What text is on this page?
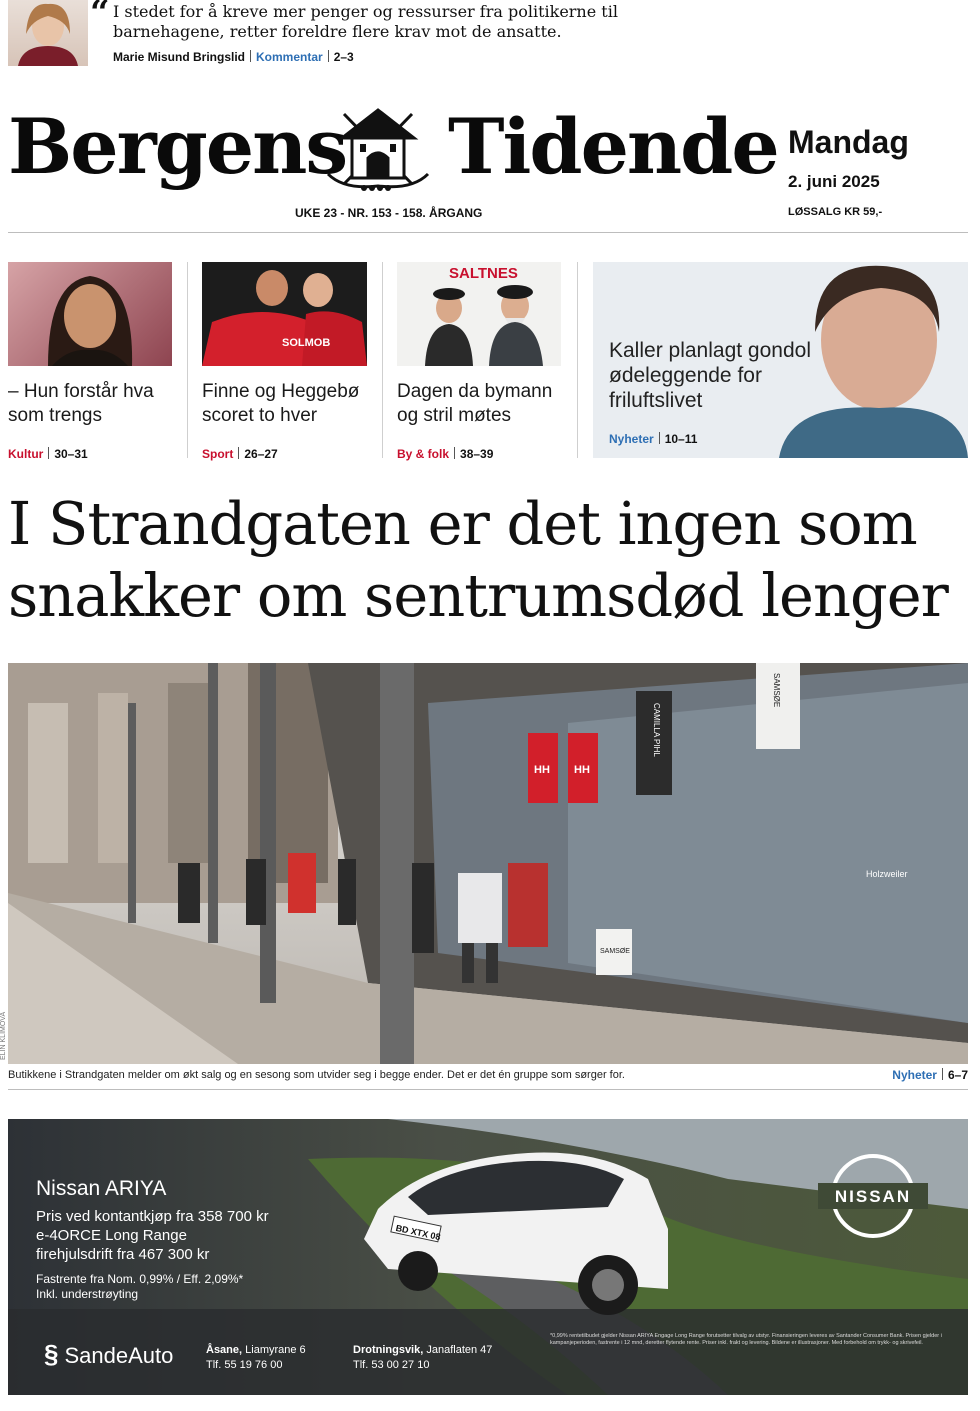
“ I stedet for å kreve mer penger og ressurser fra politikerne til barnehagene, retter foreldre flere krav mot de ansatte.
Marie Misund Bringslid Kommentar 2–3
Bergens Tidende
UKE 23 - NR. 153 - 158. ÅRGANG
Mandag
2. juni 2025
LØSSALG KR 59,-
– Hun forstår hva som trengs
Kultur 30–31
SOLMOB
Finne og Heggebø scoret to hver
Sport 26–27
SALTNES
Dagen da bymann og stril møtes
By & folk 38–39
Kaller planlagt gondol ødeleggende for friluftslivet
Nyheter 10–11
I Strandgaten er det ingen som snakker om sentrumsdød lenger
HH HH
CAMILLA PIHL
SAMSØE
SAMSØE
Holzweiler
ELIN KLIMOVA
Butikkene i Strandgaten melder om økt salg og en sesong som utvider seg i begge ender. Det er det én gruppe som sørger for.	Nyheter 6–7
BD XTX 08
Nissan ARIYA
Pris ved kontantkjøp fra 358 700 kr
e-4ORCE Long Range
firehjulsdrift fra 467 300 kr
Fastrente fra Nom. 0,99% / Eff. 2,09%*
Inkl. understrøyting
NISSAN
§ SandeAuto	Åsane, Liamyrane 6
Tlf. 55 19 76 00
Drotningsvik, Janaflaten 47
Tlf. 53 00 27 10
*0,99% rentetilbudet gjelder Nissan ARIYA Engage Long Range forutsetter tilvalg av utstyr. Finansieringen leveres av Santander Consumer Bank. Prisen gjelder i kampanjeperioden, fastrente i 12 mnd, deretter flytende rente. Priser inkl. frakt og levering. Bildene er illustrasjoner. Med forbehold om trykk- og skrivefeil.
